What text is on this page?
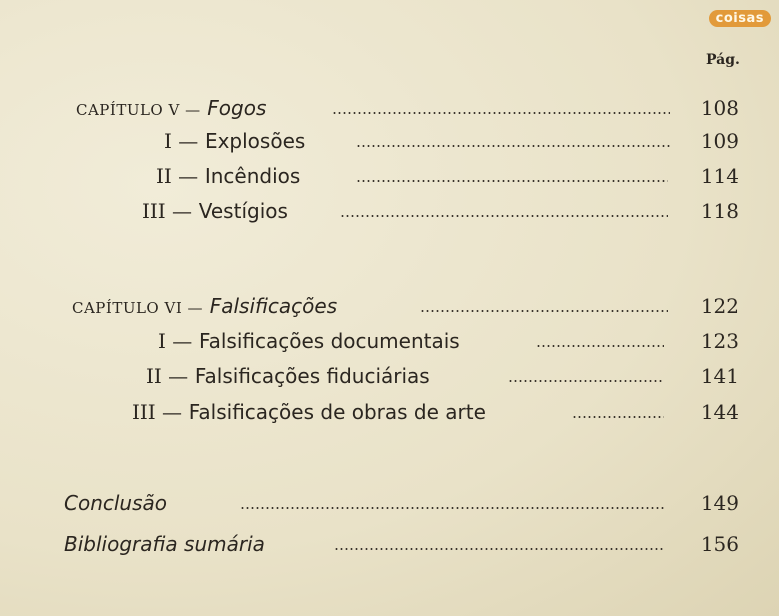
coisas
Pág.
CAPÍTULO V — Fogos	108
I — Explosões	109
II — Incêndios	114
III — Vestígios	118
CAPÍTULO VI — Falsificações	122
I — Falsificações documentais	123
II — Falsificações fiduciárias	141
III — Falsificações de obras de arte	144
Conclusão	149
Bibliografia sumária	156
